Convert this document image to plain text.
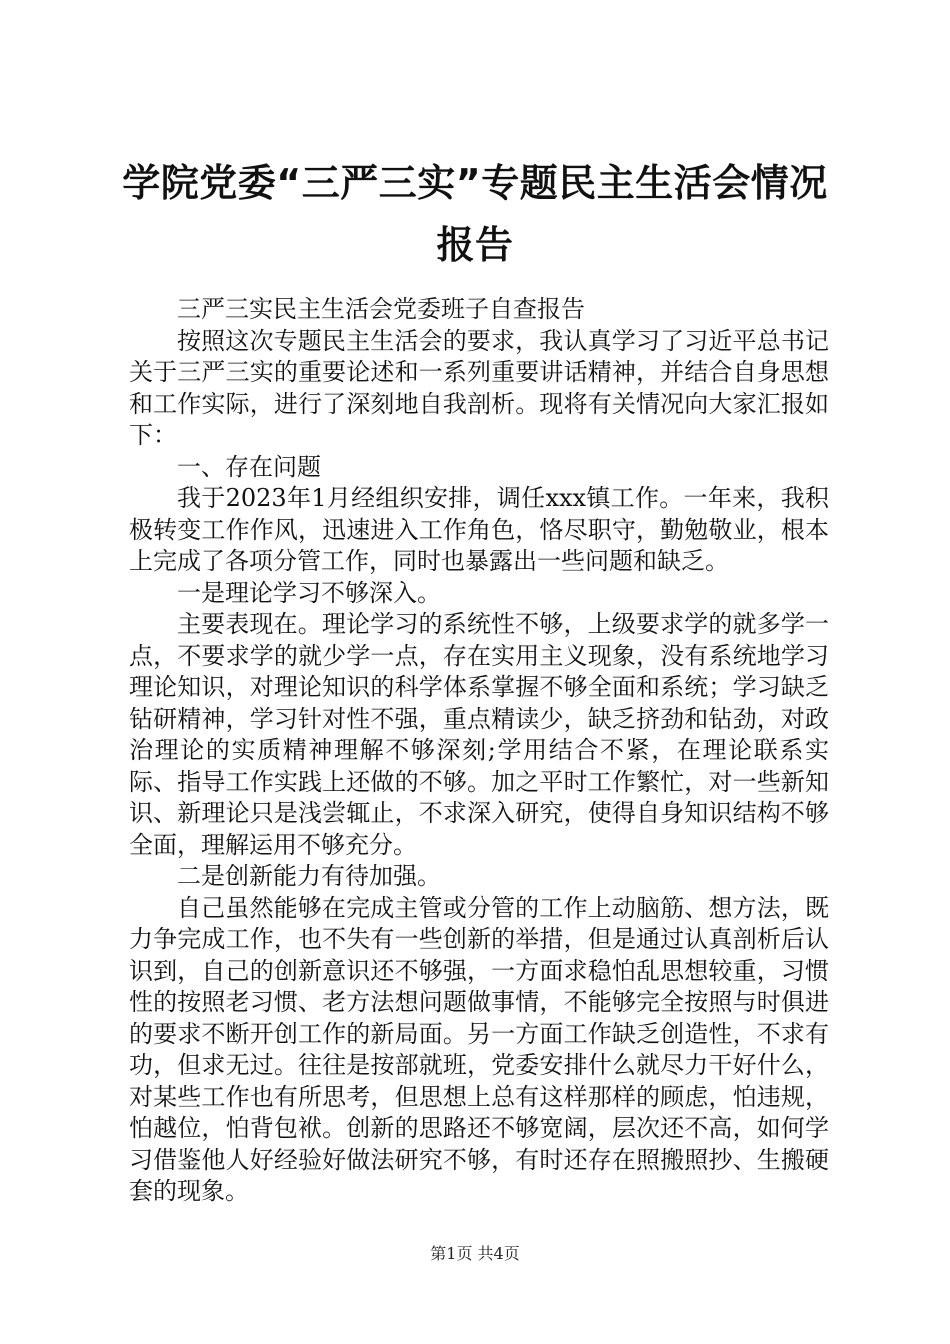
学院党委“三严三实”专题民主生活会情况报告

三严三实民主生活会党委班子自查报告

按照这次专题民主生活会的要求，我认真学习了习近平总书记关于三严三实的重要论述和一系列重要讲话精神，并结合自身思想和工作实际，进行了深刻地自我剖析。现将有关情况向大家汇报如下：

一、存在问题

我于2023年1月经组织安排，调任xxx镇工作。一年来，我积极转变工作作风，迅速进入工作角色，恪尽职守，勤勉敬业，根本上完成了各项分管工作，同时也暴露出一些问题和缺乏。

一是理论学习不够深入。

主要表现在。理论学习的系统性不够，上级要求学的就多学一点，不要求学的就少学一点，存在实用主义现象，没有系统地学习理论知识，对理论知识的科学体系掌握不够全面和系统；学习缺乏钻研精神，学习针对性不强，重点精读少，缺乏挤劲和钻劲，对政治理论的实质精神理解不够深刻;学用结合不紧，在理论联系实际、指导工作实践上还做的不够。加之平时工作繁忙，对一些新知识、新理论只是浅尝辄止，不求深入研究，使得自身知识结构不够全面，理解运用不够充分。

二是创新能力有待加强。

自己虽然能够在完成主管或分管的工作上动脑筋、想方法，既力争完成工作，也不失有一些创新的举措，但是通过认真剖析后认识到，自己的创新意识还不够强，一方面求稳怕乱思想较重，习惯性的按照老习惯、老方法想问题做事情，不能够完全按照与时俱进的要求不断开创工作的新局面。另一方面工作缺乏创造性，不求有功，但求无过。往往是按部就班，党委安排什么就尽力干好什么，对某些工作也有所思考，但思想上总有这样那样的顾虑，怕违规，怕越位，怕背包袱。创新的思路还不够宽阔，层次还不高，如何学习借鉴他人好经验好做法研究不够，有时还存在照搬照抄、生搬硬套的现象。

第1页 共4页
